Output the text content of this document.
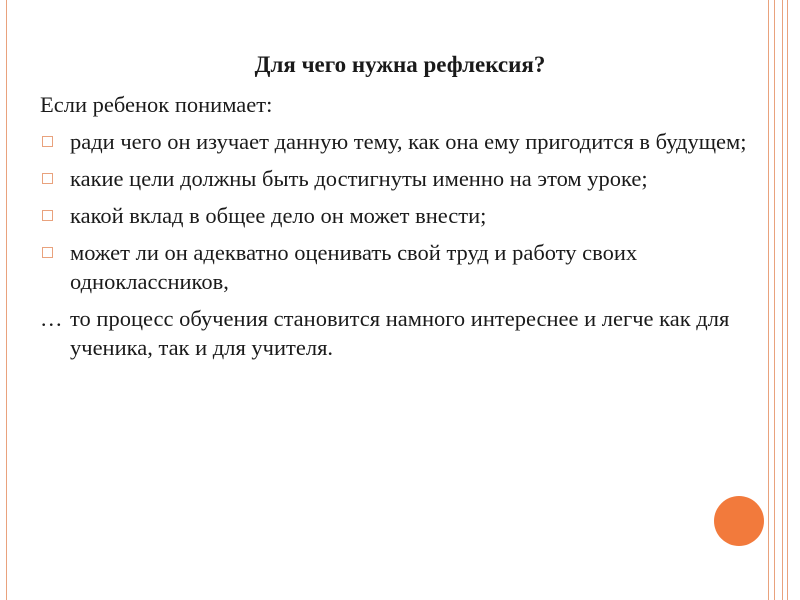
Для чего нужна рефлексия?

Если ребенок понимает:

ради чего он изучает данную тему, как она ему пригодится в будущем;
какие цели должны быть достигнуты именно на этом уроке;
какой вклад в общее дело он может внести;
может ли он адекватно оценивать свой труд и работу своих одноклассников,

… то процесс обучения становится намного интереснее и легче как для ученика, так и для учителя.
